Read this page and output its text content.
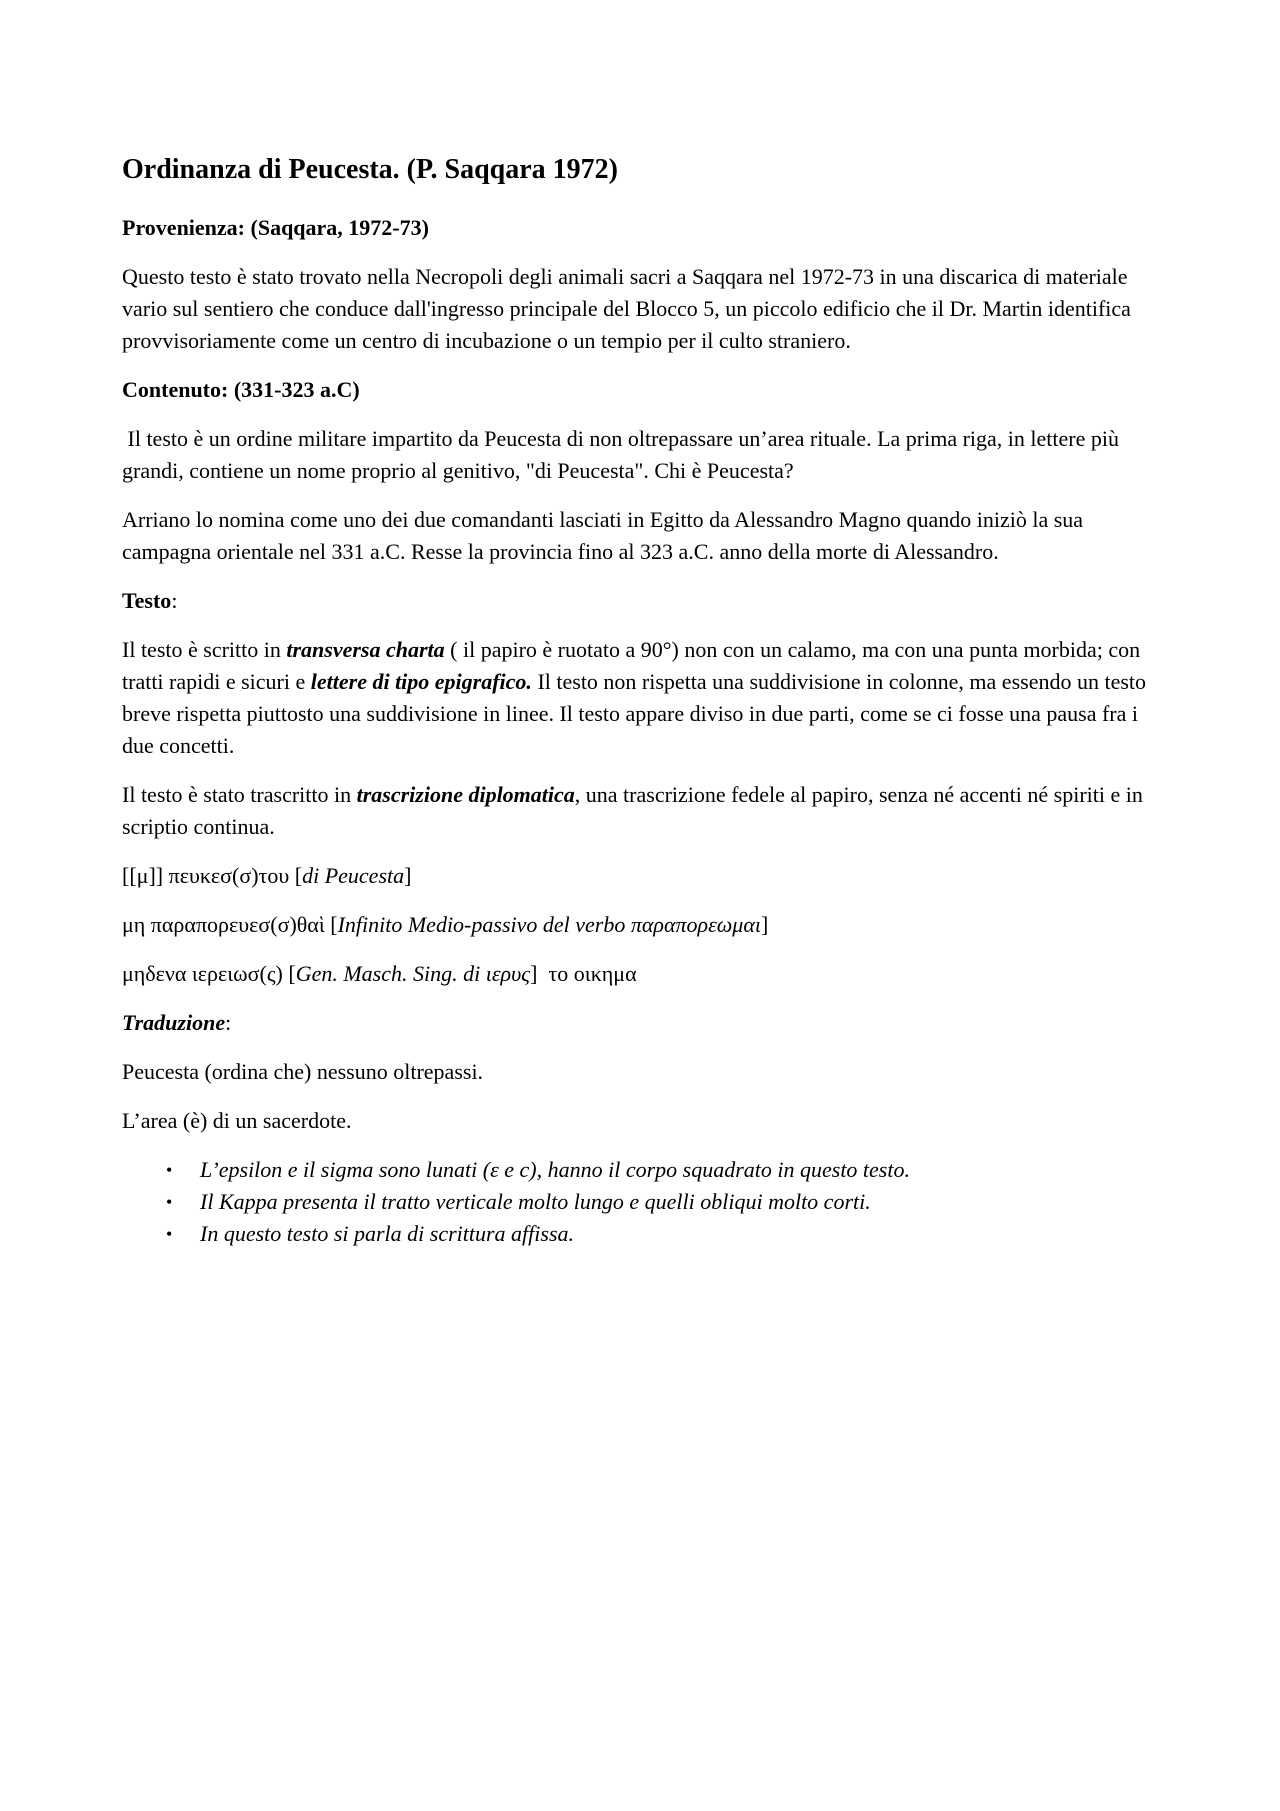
Ordinanza di Peucesta. (P. Saqqara 1972)
Provenienza: (Saqqara, 1972-73)

Questo testo è stato trovato nella Necropoli degli animali sacri a Saqqara nel 1972-73 in una discarica di materiale vario sul sentiero che conduce dall'ingresso principale del Blocco 5, un piccolo edificio che il Dr. Martin identifica provvisoriamente come un centro di incubazione o un tempio per il culto straniero.

Contenuto: (331-323 a.C)

Il testo è un ordine militare impartito da Peucesta di non oltrepassare un’area rituale. La prima riga, in lettere più grandi, contiene un nome proprio al genitivo, "di Peucesta". Chi è Peucesta?

Arriano lo nomina come uno dei due comandanti lasciati in Egitto da Alessandro Magno quando iniziò la sua campagna orientale nel 331 a.C. Resse la provincia fino al 323 a.C. anno della morte di Alessandro.

Testo:

Il testo è scritto in transversa charta ( il papiro è ruotato a 90°) non con un calamo, ma con una punta morbida; con tratti rapidi e sicuri e lettere di tipo epigrafico. Il testo non rispetta una suddivisione in colonne, ma essendo un testo breve rispetta piuttosto una suddivisione in linee. Il testo appare diviso in due parti, come se ci fosse una pausa fra i due concetti.

Il testo è stato trascritto in trascrizione diplomatica, una trascrizione fedele al papiro, senza né accenti né spiriti e in scriptio continua.

[[μ]] πευκεσ(σ)του [di Peucesta]

μη παραπορευεσ(σ)θαὶ [Infinito Medio-passivo del verbo παραπορεωμαι]

μηδενα ιερειωσ(ς) [Gen. Masch. Sing. di ιερυς]  το οικημα

Traduzione:

Peucesta (ordina che) nessuno oltrepassi.

L’area (è) di un sacerdote.

• L’epsilon e il sigma sono lunati (ε e c), hanno il corpo squadrato in questo testo.
• Il Kappa presenta il tratto verticale molto lungo e quelli obliqui molto corti.
• In questo testo si parla di scrittura affissa.
